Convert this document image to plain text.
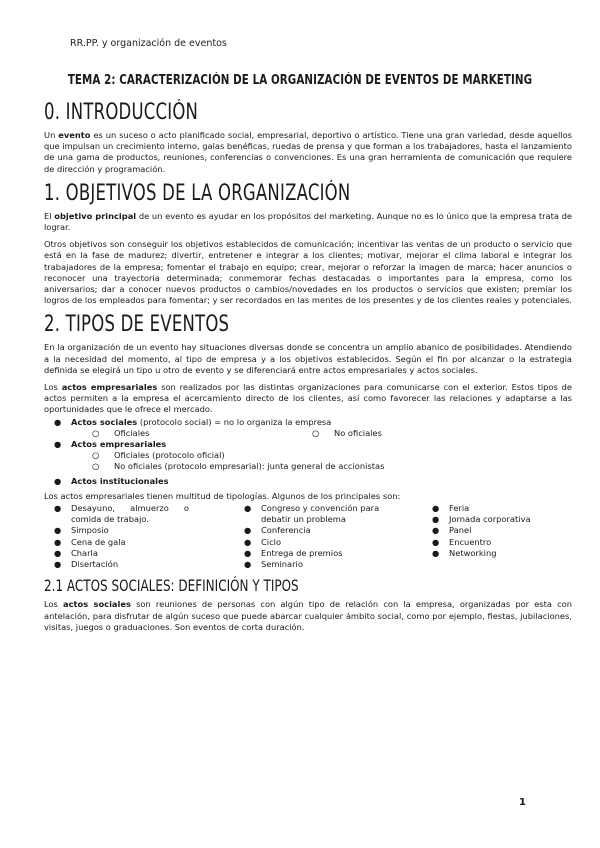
RR.PP. y organización de eventos
TEMA 2: CARACTERIZACIÓN DE LA ORGANIZACIÓN DE EVENTOS DE MARKETING
0. INTRODUCCIÓN

Un evento es un suceso o acto planificado social, empresarial, deportivo o artístico. Tiene una gran variedad, desde aquellos que impulsan un crecimiento interno, galas benéficas, ruedas de prensa y que forman a los trabajadores, hasta el lanzamiento de una gama de productos, reuniones, conferencias o convenciones. Es una gran herramienta de comunicación que requiere de dirección y programación.

1. OBJETIVOS DE LA ORGANIZACIÓN

El objetivo principal de un evento es ayudar en los propósitos del marketing. Aunque no es lo único que la empresa trata de lograr.

Otros objetivos son conseguir los objetivos establecidos de comunicación; incentivar las ventas de un producto o servicio que está en la fase de madurez; divertir, entretener e integrar a los clientes; motivar, mejorar el clima laboral e integrar los trabajadores de la empresa; fomentar el trabajo en equipo; crear, mejorar o reforzar la imagen de marca; hacer anuncios o reconocer una trayectoria determinada; conmemorar fechas destacadas o importantes para la empresa, como los aniversarios; dar a conocer nuevos productos o cambios/novedades en los productos o servicios que existen; premiar los logros de los empleados para fomentar; y ser recordados en las mentes de los presentes y de los clientes reales y potenciales.

2. TIPOS DE EVENTOS

En la organización de un evento hay situaciones diversas donde se concentra un amplio abanico de posibilidades. Atendiendo a la necesidad del momento, al tipo de empresa y a los objetivos establecidos. Según el fin por alcanzar o la estrategia definida se elegirá un tipo u otro de evento y se diferenciará entre actos empresariales y actos sociales.

Los actos empresariales son realizados por las distintas organizaciones para comunicarse con el exterior. Estos tipos de actos permiten a la empresa el acercamiento directo de los clientes, así como favorecer las relaciones y adaptarse a las oportunidades que le ofrece el mercado.

● Actos sociales (protocolo social) = no lo organiza la empresa
○ Oficiales	○ No oficiales
● Actos empresariales
○ Oficiales (protocolo oficial)
○ No oficiales (protocolo empresarial): junta general de accionistas
● Actos institucionales

Los actos empresariales tienen multitud de tipologías. Algunos de los principales son:

● Desayuno, almuerzo o comida de trabajo.
● Simposio
● Cena de gala
● Charla
● Disertación
● Congreso y convención para debatir un problema
● Conferencia
● Ciclo
● Entrega de premios
● Seminario
● Feria
● Jornada corporativa
● Panel
● Encuentro
● Networking
2.1 ACTOS SOCIALES: DEFINICIÓN Y TIPOS

Los actos sociales son reuniones de personas con algún tipo de relación con la empresa, organizadas por esta con antelación, para disfrutar de algún suceso que puede abarcar cualquier ámbito social, como por ejemplo, fiestas, jubilaciones, visitas, juegos o graduaciones. Son eventos de corta duración.

1
